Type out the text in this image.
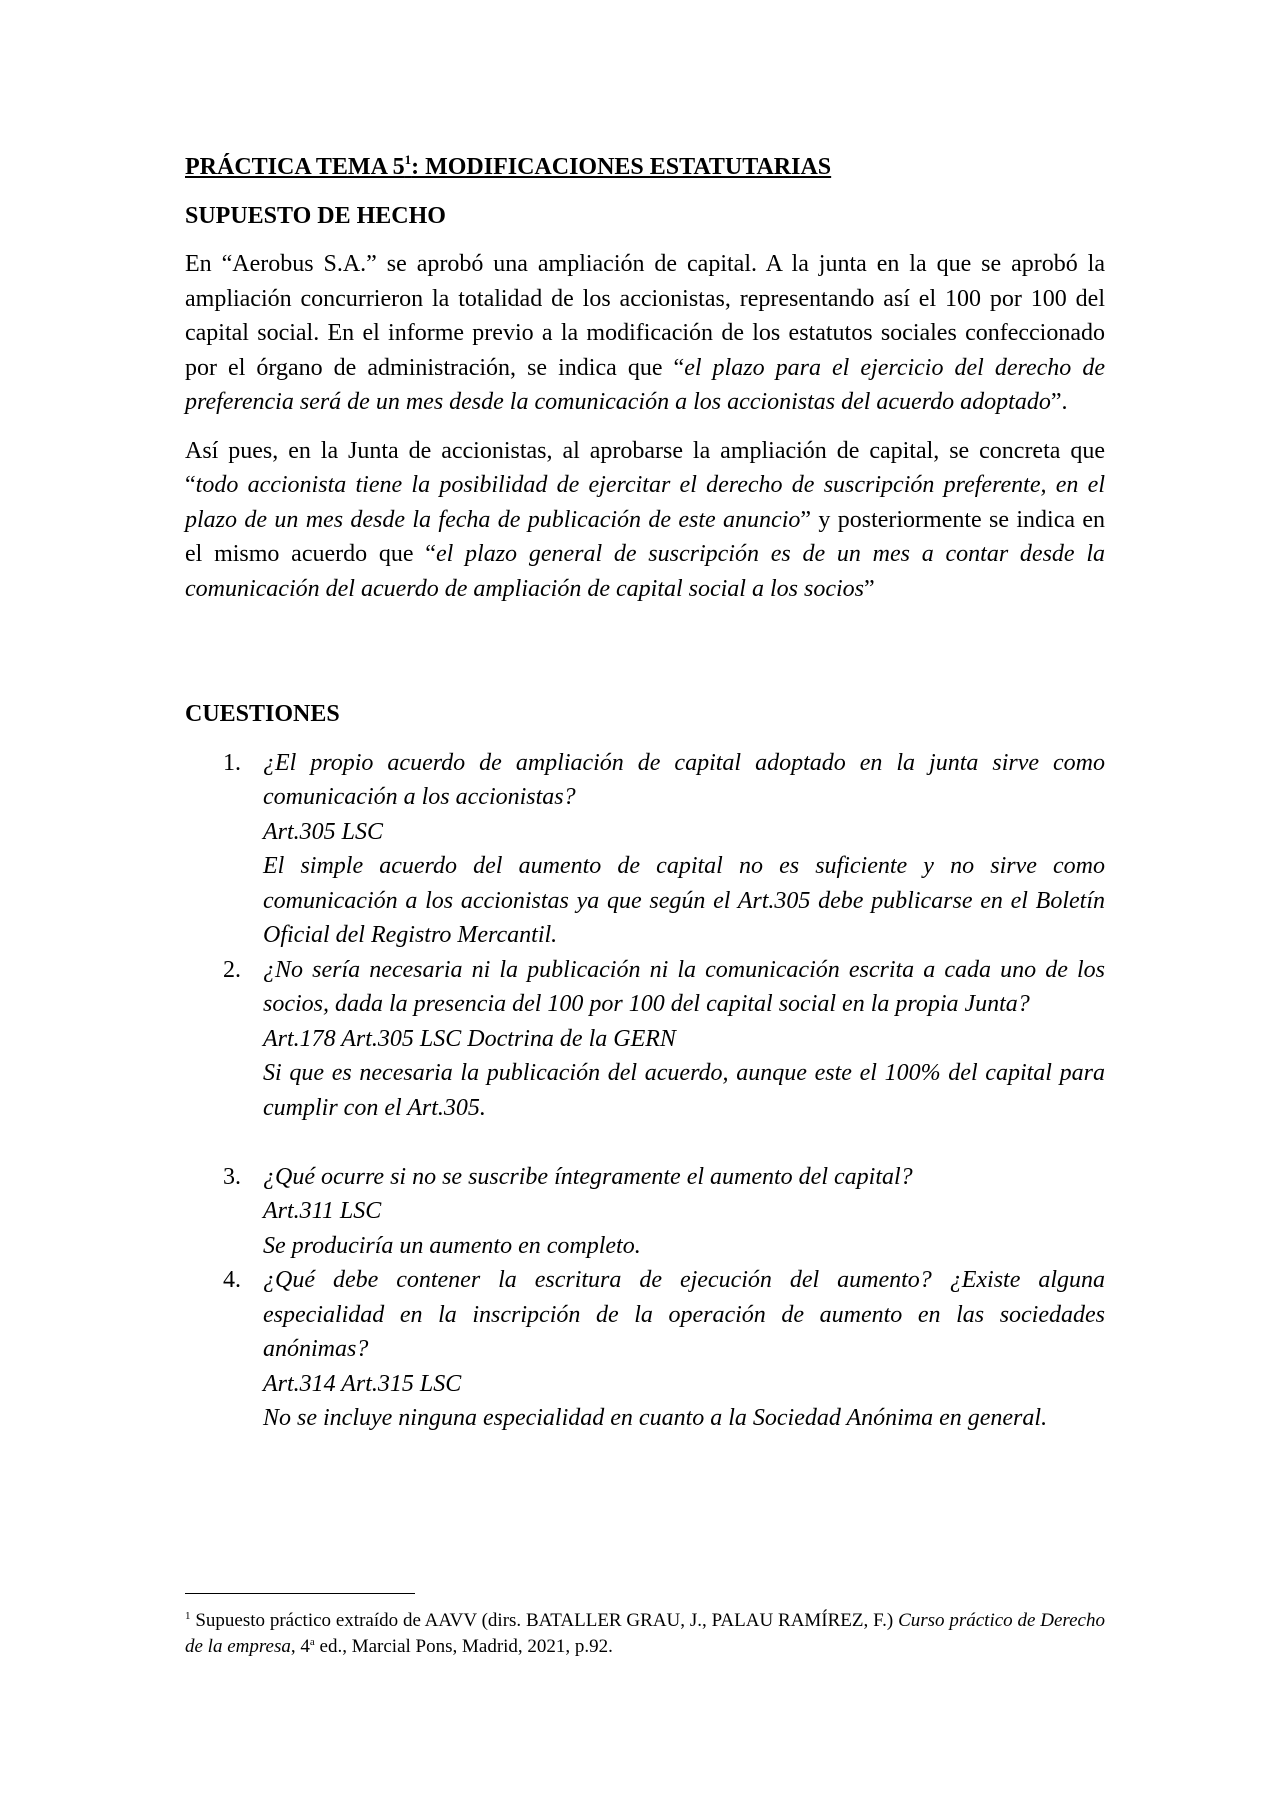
PRÁCTICA TEMA $5^1$: MODIFICACIONES ESTATUTARIAS
SUPUESTO DE HECHO
En “Aerobus S.A.” se aprobó una ampliación de capital. A la junta en la que se aprobó la ampliación concurrieron la totalidad de los accionistas, representando así el 100 por 100 del capital social. En el informe previo a la modificación de los estatutos sociales confeccionado por el órgano de administración, se indica que “el plazo para el ejercicio del derecho de preferencia será de un mes desde la comunicación a los accionistas del acuerdo adoptado”.
Así pues, en la Junta de accionistas, al aprobarse la ampliación de capital, se concreta que “todo accionista tiene la posibilidad de ejercitar el derecho de suscripción preferente, en el plazo de un mes desde la fecha de publicación de este anuncio” y posteriormente se indica en el mismo acuerdo que “el plazo general de suscripción es de un mes a contar desde la comunicación del acuerdo de ampliación de capital social a los socios”
CUESTIONES
1. ¿El propio acuerdo de ampliación de capital adoptado en la junta sirve como comunicación a los accionistas?
Art.305 LSC
El simple acuerdo del aumento de capital no es suficiente y no sirve como comunicación a los accionistas ya que según el Art.305 debe publicarse en el Boletín Oficial del Registro Mercantil.
2. ¿No sería necesaria ni la publicación ni la comunicación escrita a cada uno de los socios, dada la presencia del 100 por 100 del capital social en la propia Junta?
Art.178 Art.305 LSC Doctrina de la GERN
Si que es necesaria la publicación del acuerdo, aunque este el 100% del capital para cumplir con el Art.305.
3. ¿Qué ocurre si no se suscribe íntegramente el aumento del capital?
Art.311 LSC
Se produciría un aumento en completo.
4. ¿Qué debe contener la escritura de ejecución del aumento? ¿Existe alguna especialidad en la inscripción de la operación de aumento en las sociedades anónimas?
Art.314 Art.315 LSC
No se incluye ninguna especialidad en cuanto a la Sociedad Anónima en general.
$^1$ Supuesto práctico extraído de AAVV (dirs. BATALLER GRAU, J., PALAU RAMÍREZ, F.) Curso práctico de Derecho de la empresa, 4$^a$ ed., Marcial Pons, Madrid, 2021, p.92.
